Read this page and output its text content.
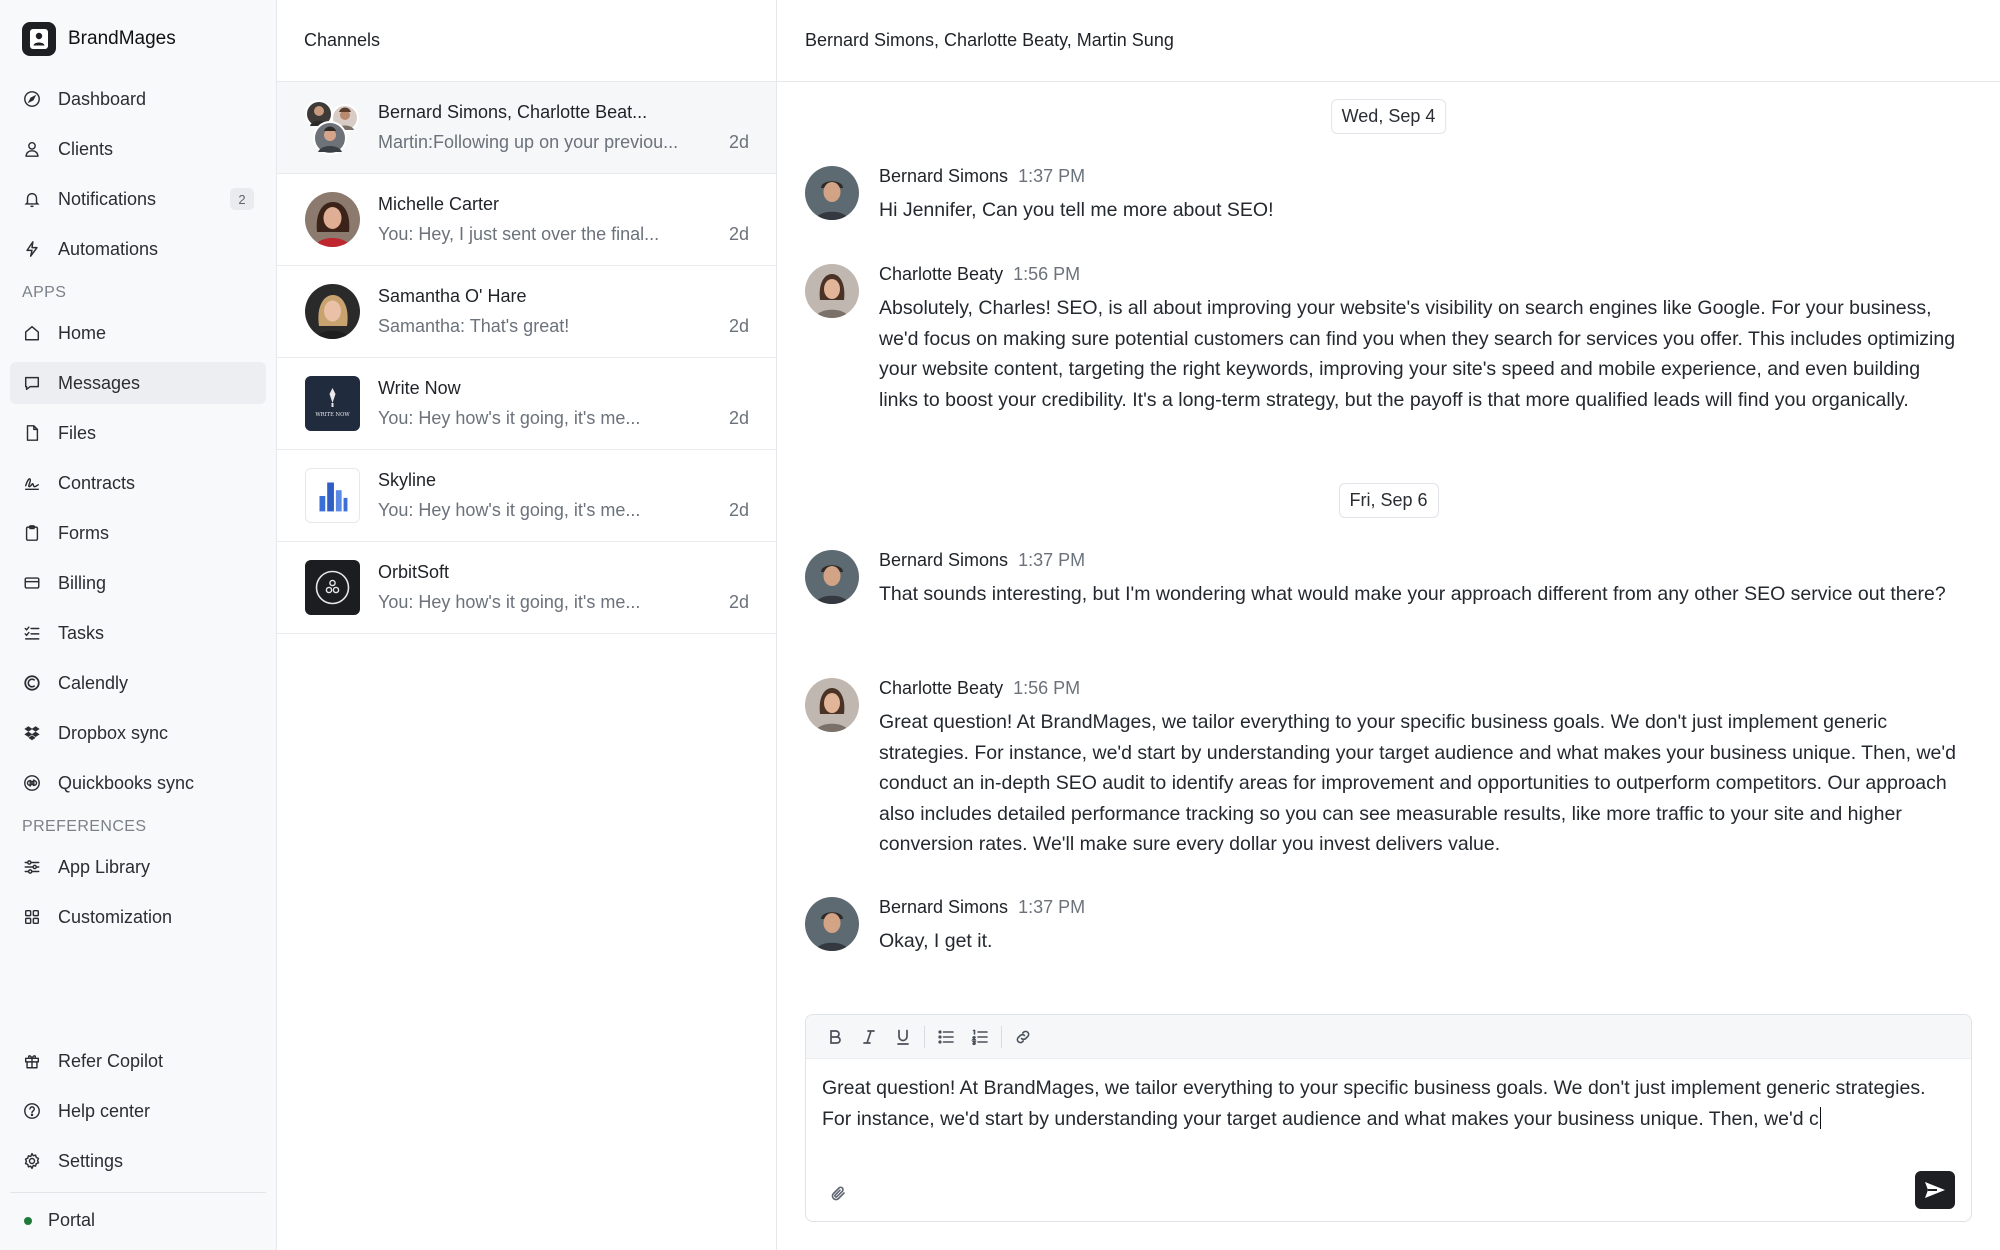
BrandMages
Dashboard
Clients
Notifications	2
Automations
APPS
Home
Messages
Files
Contracts
Forms
Billing
Tasks
Calendly
Dropbox sync
Quickbooks sync
PREFERENCES
App Library
Customization
Refer Copilot
Help center
Settings
Portal
Channels
Bernard Simons, Charlotte Beat...
Martin:Following up on your previou...	2d
Michelle Carter
You: Hey, I just sent over the final...	2d
Samantha O' Hare
Samantha: That's great!	2d
WRITE NOW
Write Now
You: Hey how's it going, it's me...	2d
Skyline
You: Hey how's it going, it's me...	2d
OrbitSoft
You: Hey how's it going, it's me...	2d
Bernard Simons, Charlotte Beaty, Martin Sung
Wed, Sep 4
Bernard Simons 1:37 PM
Hi Jennifer, Can you tell me more about SEO!
Charlotte Beaty 1:56 PM
Absolutely, Charles! SEO, is all about improving your website's visibility on search engines like Google. For your business, we'd focus on making sure potential customers can find you when they search for services you offer. This includes optimizing your website content, targeting the right keywords, improving your site's speed and mobile experience, and even building links to boost your credibility. It's a long-term strategy, but the payoff is that more qualified leads will find you organically.
Fri, Sep 6
Bernard Simons 1:37 PM
That sounds interesting, but I'm wondering what would make your approach different from any other SEO service out there?
Charlotte Beaty 1:56 PM
Great question! At BrandMages, we tailor everything to your specific business goals. We don't just implement generic strategies. For instance, we'd start by understanding your target audience and what makes your business unique. Then, we'd conduct an in-depth SEO audit to identify areas for improvement and opportunities to outperform competitors. Our approach also includes detailed performance tracking so you can see measurable results, like more traffic to your site and higher conversion rates. We'll make sure every dollar you invest delivers value.
Bernard Simons 1:37 PM
Okay, I get it.
Great question! At BrandMages, we tailor everything to your specific business goals. We don't just implement generic strategies. For instance, we'd start by understanding your target audience and what makes your business unique. Then, we'd c
